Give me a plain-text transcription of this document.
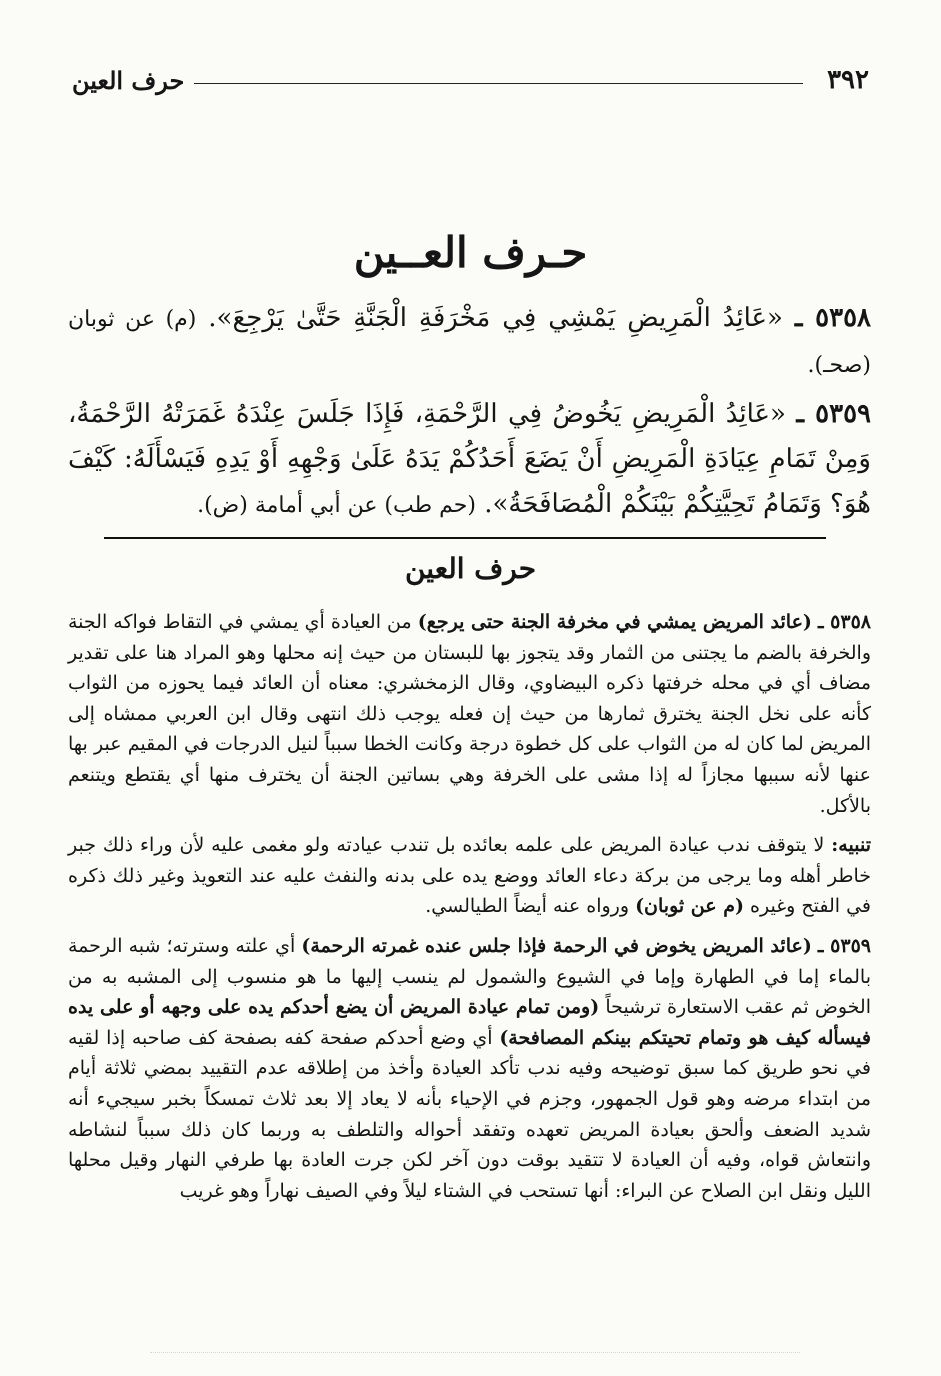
٣٩٢
حرف العين
حـرف العــين
٥٣٥٨ ـ «عَائِدُ الْمَرِيضِ يَمْشِي فِي مَخْرَفَةِ الْجَنَّةِ حَتَّىٰ يَرْجِعَ». (م) عن ثوبان (صحـ).
٥٣٥٩ ـ «عَائِدُ الْمَرِيضِ يَخُوضُ فِي الرَّحْمَةِ، فَإِذَا جَلَسَ عِنْدَهُ غَمَرَتْهُ الرَّحْمَةُ، وَمِنْ تَمَامِ عِيَادَةِ الْمَرِيضِ أَنْ يَضَعَ أَحَدُكُمْ يَدَهُ عَلَىٰ وَجْهِهِ أَوْ يَدِهِ فَيَسْأَلَهُ: كَيْفَ هُوَ؟ وَتَمَامُ تَحِيَّتِكُمْ بَيْنَكُمْ الْمُصَافَحَةُ». (حم طب) عن أبي أمامة (ض).
حرف العين

٥٣٥٨ ـ (عائد المريض يمشي في مخرفة الجنة حتى يرجع) من العيادة أي يمشي في التقاط فواكه الجنة والخرفة بالضم ما يجتنى من الثمار وقد يتجوز بها للبستان من حيث إنه محلها وهو المراد هنا على تقدير مضاف أي في محله خرفتها ذكره البيضاوي، وقال الزمخشري: معناه أن العائد فيما يحوزه من الثواب كأنه على نخل الجنة يخترق ثمارها من حيث إن فعله يوجب ذلك انتهى وقال ابن العربي ممشاه إلى المريض لما كان له من الثواب على كل خطوة درجة وكانت الخطا سبباً لنيل الدرجات في المقيم عبر بها عنها لأنه سببها مجازاً له إذا مشى على الخرفة وهي بساتين الجنة أن يخترف منها أي يقتطع ويتنعم بالأكل.

تنبيه: لا يتوقف ندب عيادة المريض على علمه بعائده بل تندب عيادته ولو مغمى عليه لأن وراء ذلك جبر خاطر أهله وما يرجى من بركة دعاء العائد ووضع يده على بدنه والنفث عليه عند التعويذ وغير ذلك ذكره في الفتح وغيره (م عن ثوبان) ورواه عنه أيضاً الطيالسي.

٥٣٥٩ ـ (عائد المريض يخوض في الرحمة فإذا جلس عنده غمرته الرحمة) أي علته وسترته؛ شبه الرحمة بالماء إما في الطهارة وإما في الشيوع والشمول لم ينسب إليها ما هو منسوب إلى المشبه به من الخوض ثم عقب الاستعارة ترشيحاً (ومن تمام عيادة المريض أن يضع أحدكم يده على وجهه أو على يده فيسأله كيف هو وتمام تحيتكم بينكم المصافحة) أي وضع أحدكم صفحة كفه بصفحة كف صاحبه إذا لقيه في نحو طريق كما سبق توضيحه وفيه ندب تأكد العيادة وأخذ من إطلاقه عدم التقييد بمضي ثلاثة أيام من ابتداء مرضه وهو قول الجمهور، وجزم في الإحياء بأنه لا يعاد إلا بعد ثلاث تمسكاً بخبر سيجيء أنه شديد الضعف وألحق بعيادة المريض تعهده وتفقد أحواله والتلطف به وربما كان ذلك سبباً لنشاطه وانتعاش قواه، وفيه أن العيادة لا تتقيد بوقت دون آخر لكن جرت العادة بها طرفي النهار وقيل محلها الليل ونقل ابن الصلاح عن البراء: أنها تستحب في الشتاء ليلاً وفي الصيف نهاراً وهو غريب
